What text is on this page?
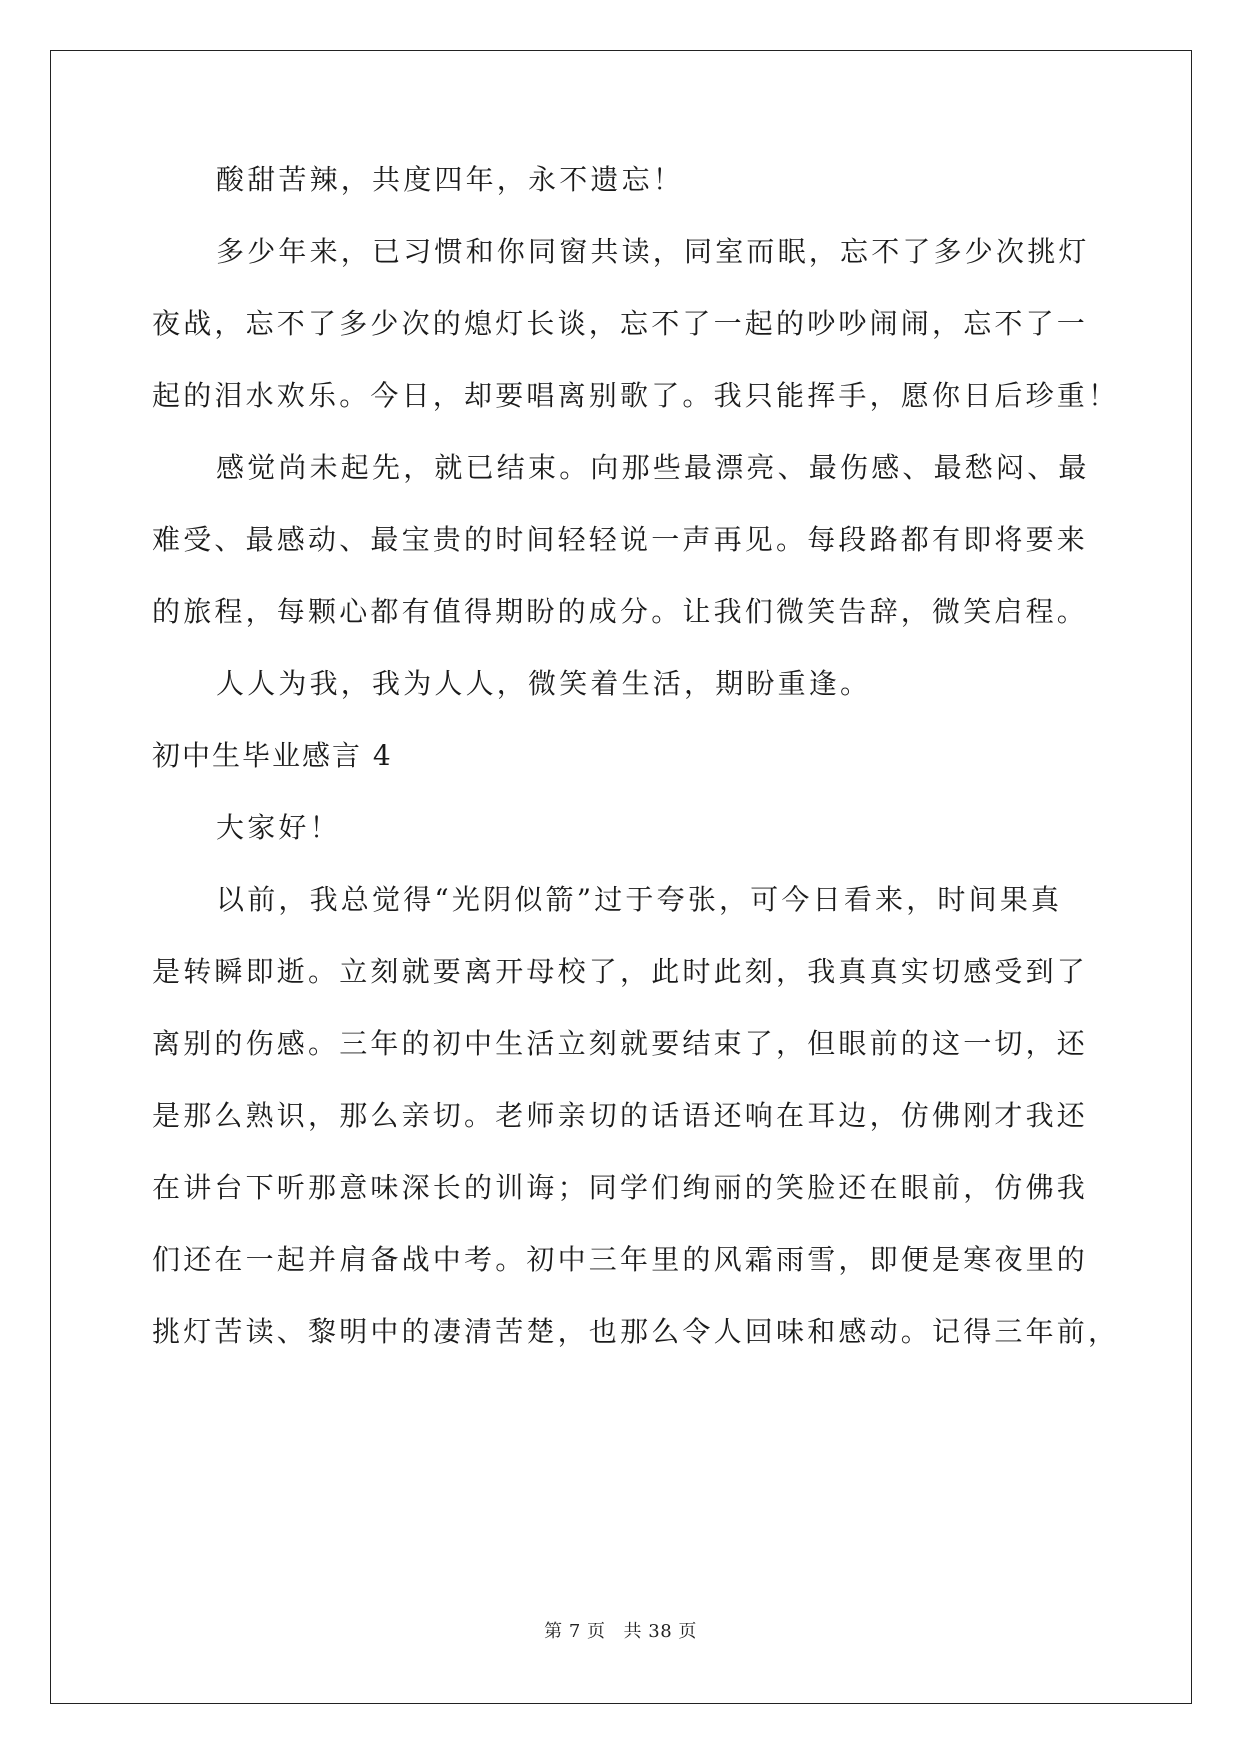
酸甜苦辣，共度四年，永不遗忘！
多少年来，已习惯和你同窗共读，同室而眠，忘不了多少次挑灯
夜战，忘不了多少次的熄灯长谈，忘不了一起的吵吵闹闹，忘不了一
起的泪水欢乐。今日，却要唱离别歌了。我只能挥手，愿你日后珍重！
感觉尚未起先，就已结束。向那些最漂亮、最伤感、最愁闷、最
难受、最感动、最宝贵的时间轻轻说一声再见。每段路都有即将要来
的旅程，每颗心都有值得期盼的成分。让我们微笑告辞，微笑启程。
人人为我，我为人人，微笑着生活，期盼重逢。
初中生毕业感言 4
大家好！
以前，我总觉得“光阴似箭”过于夸张，可今日看来，时间果真
是转瞬即逝。立刻就要离开母校了，此时此刻，我真真实切感受到了
离别的伤感。三年的初中生活立刻就要结束了，但眼前的这一切，还
是那么熟识，那么亲切。老师亲切的话语还响在耳边，仿佛刚才我还
在讲台下听那意味深长的训诲；同学们绚丽的笑脸还在眼前，仿佛我
们还在一起并肩备战中考。初中三年里的风霜雨雪，即便是寒夜里的
挑灯苦读、黎明中的凄清苦楚，也那么令人回味和感动。记得三年前，
第 7 页 共 38 页
